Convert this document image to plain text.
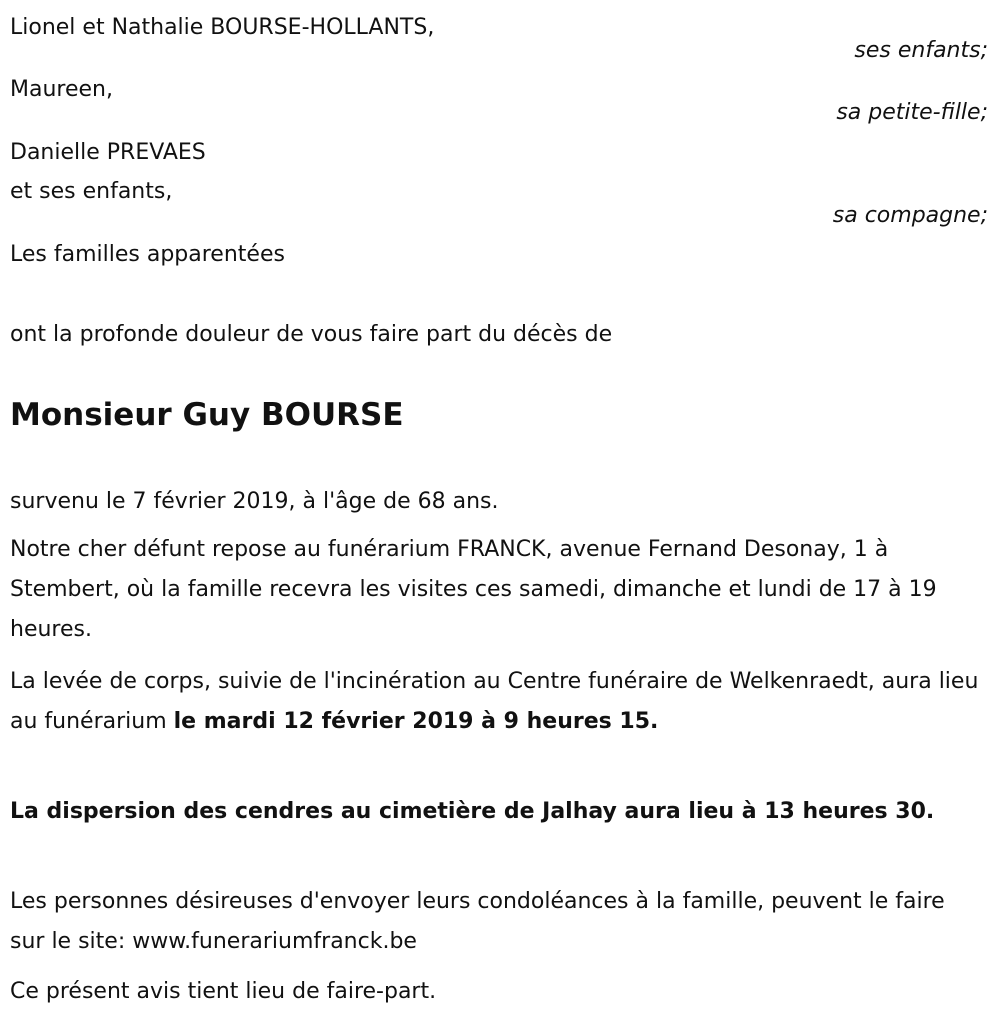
Lionel et Nathalie BOURSE-HOLLANTS,
ses enfants;
Maureen,
sa petite-fille;
Danielle PREVAES
et ses enfants,
sa compagne;
Les familles apparentées
ont la profonde douleur de vous faire part du décès de
Monsieur Guy BOURSE
survenu le 7 février 2019, à l'âge de 68 ans.
Notre cher défunt repose au funérarium FRANCK, avenue Fernand Desonay, 1 à Stembert, où la famille recevra les visites ces samedi, dimanche et lundi de 17 à 19 heures.
La levée de corps, suivie de l'incinération au Centre funéraire de Welkenraedt, aura lieu au funérarium le mardi 12 février 2019 à 9 heures 15.
La dispersion des cendres au cimetière de Jalhay aura lieu à 13 heures 30.
Les personnes désireuses d'envoyer leurs condoléances à la famille, peuvent le faire sur le site: www.funerariumfranck.be
Ce présent avis tient lieu de faire-part.
